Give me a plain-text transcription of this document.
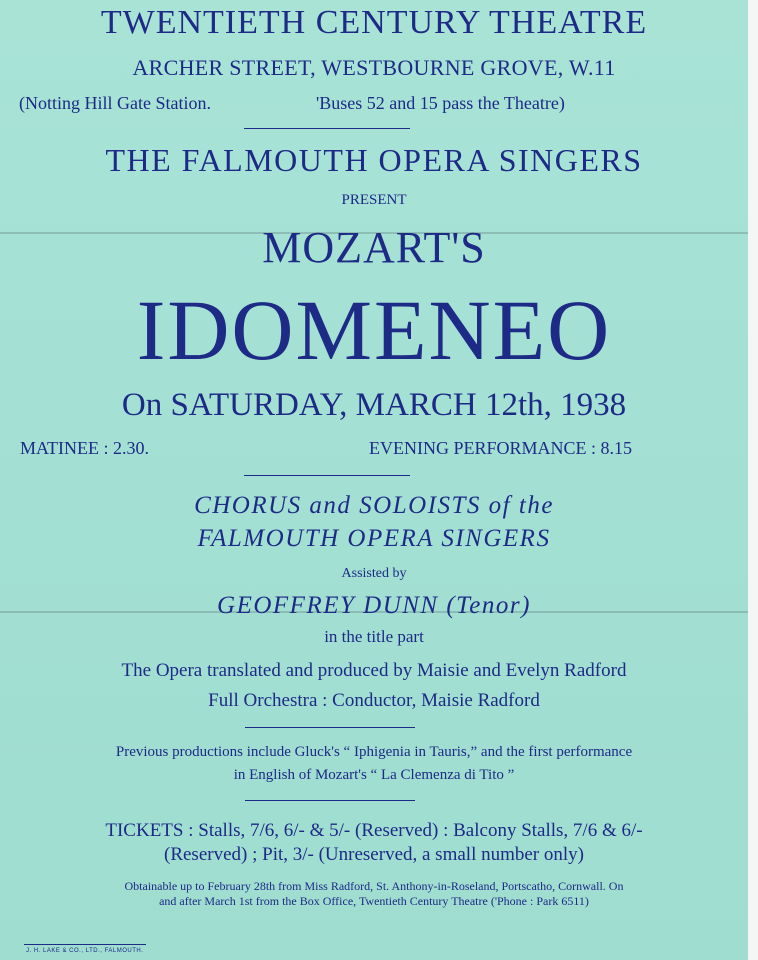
TWENTIETH CENTURY THEATRE
ARCHER STREET, WESTBOURNE GROVE, W.11
(Notting Hill Gate Station.	'Buses 52 and 15 pass the Theatre)
THE FALMOUTH OPERA SINGERS
PRESENT
MOZART'S
IDOMENEO
On SATURDAY, MARCH 12th, 1938
MATINEE : 2.30.	EVENING PERFORMANCE : 8.15
CHORUS and SOLOISTS of the
FALMOUTH OPERA SINGERS
Assisted by
GEOFFREY DUNN (Tenor)
in the title part
The Opera translated and produced by Maisie and Evelyn Radford
Full Orchestra : Conductor, Maisie Radford
Previous productions include Gluck's “ Iphigenia in Tauris,” and the first performance
in English of Mozart's “ La Clemenza di Tito ”
TICKETS : Stalls, 7/6, 6/- & 5/- (Reserved) : Balcony Stalls, 7/6 & 6/-
(Reserved) ; Pit, 3/- (Unreserved, a small number only)
Obtainable up to February 28th from Miss Radford, St. Anthony-in-Roseland, Portscatho, Cornwall. On
and after March 1st from the Box Office, Twentieth Century Theatre ('Phone : Park 6511)
J. H. LAKE & CO., LTD., FALMOUTH.
